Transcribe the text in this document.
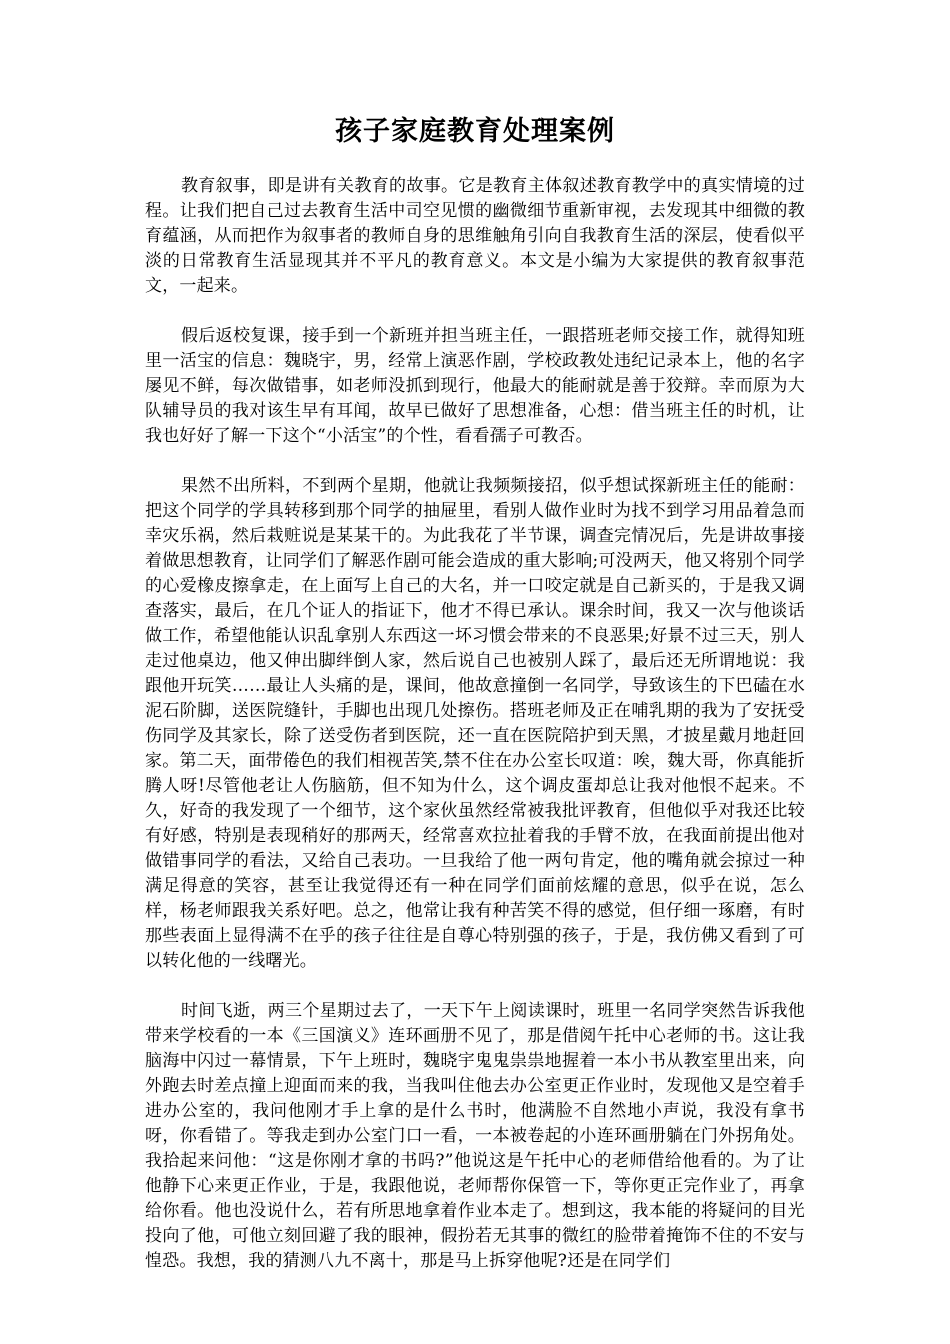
孩子家庭教育处理案例

教育叙事，即是讲有关教育的故事。它是教育主体叙述教育教学中的真实情境的过程。让我们把自己过去教育生活中司空见惯的幽微细节重新审视，去发现其中细微的教育蕴涵，从而把作为叙事者的教师自身的思维触角引向自我教育生活的深层，使看似平淡的日常教育生活显现其并不平凡的教育意义。本文是小编为大家提供的教育叙事范文，一起来。

假后返校复课，接手到一个新班并担当班主任，一跟搭班老师交接工作，就得知班里一活宝的信息：魏晓宇，男，经常上演恶作剧，学校政教处违纪记录本上，他的名字屡见不鲜，每次做错事，如老师没抓到现行，他最大的能耐就是善于狡辩。幸而原为大队辅导员的我对该生早有耳闻，故早已做好了思想准备，心想：借当班主任的时机，让我也好好了解一下这个“小活宝”的个性，看看孺子可教否。

果然不出所料，不到两个星期，他就让我频频接招，似乎想试探新班主任的能耐：把这个同学的学具转移到那个同学的抽屉里，看别人做作业时为找不到学习用品着急而幸灾乐祸，然后栽赃说是某某干的。为此我花了半节课，调查完情况后，先是讲故事接着做思想教育，让同学们了解恶作剧可能会造成的重大影响;可没两天，他又将别个同学的心爱橡皮擦拿走，在上面写上自己的大名，并一口咬定就是自己新买的，于是我又调查落实，最后，在几个证人的指证下，他才不得已承认。课余时间，我又一次与他谈话做工作，希望他能认识乱拿别人东西这一坏习惯会带来的不良恶果;好景不过三天，别人走过他桌边，他又伸出脚绊倒人家，然后说自己也被别人踩了，最后还无所谓地说：我跟他开玩笑……最让人头痛的是，课间，他故意撞倒一名同学，导致该生的下巴磕在水泥石阶脚，送医院缝针，手脚也出现几处擦伤。搭班老师及正在哺乳期的我为了安抚受伤同学及其家长，除了送受伤者到医院，还一直在医院陪护到天黑，才披星戴月地赶回家。第二天，面带倦色的我们相视苦笑,禁不住在办公室长叹道：唉，魏大哥，你真能折腾人呀!尽管他老让人伤脑筋，但不知为什么，这个调皮蛋却总让我对他恨不起来。不久，好奇的我发现了一个细节，这个家伙虽然经常被我批评教育，但他似乎对我还比较有好感，特别是表现稍好的那两天，经常喜欢拉扯着我的手臂不放，在我面前提出他对做错事同学的看法，又给自己表功。一旦我给了他一两句肯定，他的嘴角就会掠过一种满足得意的笑容，甚至让我觉得还有一种在同学们面前炫耀的意思，似乎在说，怎么样，杨老师跟我关系好吧。总之，他常让我有种苦笑不得的感觉，但仔细一琢磨，有时那些表面上显得满不在乎的孩子往往是自尊心特别强的孩子，于是，我仿佛又看到了可以转化他的一线曙光。

时间飞逝，两三个星期过去了，一天下午上阅读课时，班里一名同学突然告诉我他带来学校看的一本《三国演义》连环画册不见了，那是借阅午托中心老师的书。这让我脑海中闪过一幕情景，下午上班时，魏晓宇鬼鬼祟祟地握着一本小书从教室里出来，向外跑去时差点撞上迎面而来的我，当我叫住他去办公室更正作业时，发现他又是空着手进办公室的，我问他刚才手上拿的是什么书时，他满脸不自然地小声说，我没有拿书呀，你看错了。等我走到办公室门口一看，一本被卷起的小连环画册躺在门外拐角处。我拾起来问他：“这是你刚才拿的书吗?”他说这是午托中心的老师借给他看的。为了让他静下心来更正作业，于是，我跟他说，老师帮你保管一下，等你更正完作业了，再拿给你看。他也没说什么，若有所思地拿着作业本走了。想到这，我本能的将疑问的目光投向了他，可他立刻回避了我的眼神，假扮若无其事的微红的脸带着掩饰不住的不安与惶恐。我想，我的猜测八九不离十，那是马上拆穿他呢?还是在同学们
